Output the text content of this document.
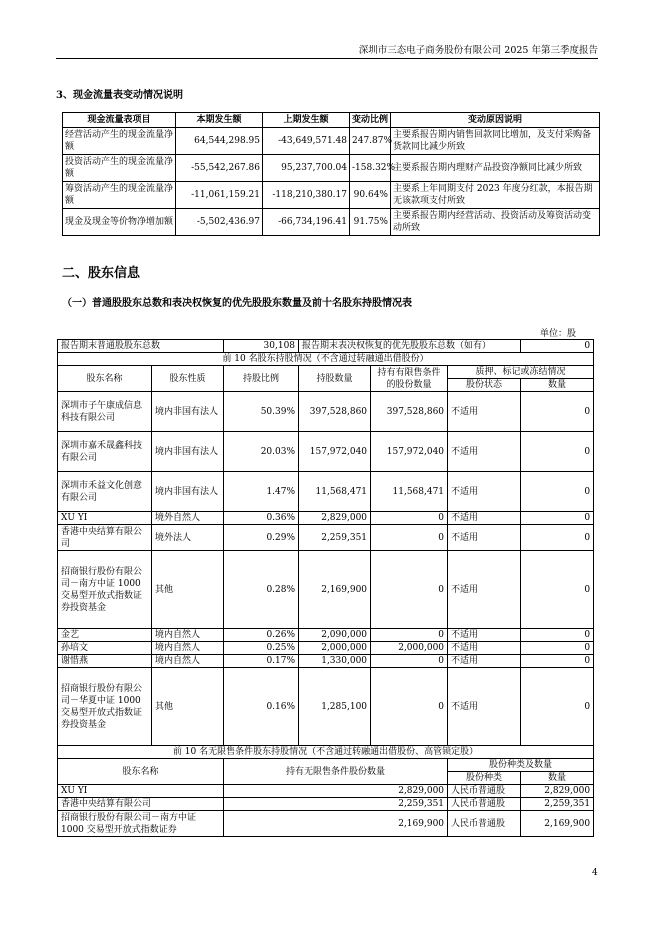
深圳市三态电子商务股份有限公司 2025 年第三季度报告
3、现金流量表变动情况说明
现金流量表项目	本期发生额	上期发生额	变动比例	变动原因说明
经营活动产生的现金流量净额	64,544,298.95	-43,649,571.48	247.87%	主要系报告期内销售回款同比增加，及支付采购备货款同比减少所致
投资活动产生的现金流量净额	-55,542,267.86	95,237,700.04	-158.32%	主要系报告期内理财产品投资净额同比减少所致
筹资活动产生的现金流量净额	-11,061,159.21	-118,210,380.17	90.64%	主要系上年同期支付 2023 年度分红款，本报告期无该款项支付所致
现金及现金等价物净增加额	-5,502,436.97	-66,734,196.41	91.75%	主要系报告期内经营活动、投资活动及筹资活动变动所致
二、股东信息
（一）普通股股东总数和表决权恢复的优先股股东数量及前十名股东持股情况表
单位：股
报告期末普通股股东总数		30,108	报告期末表决权恢复的优先股股东总数（如有）			0
前 10 名股东持股情况（不含通过转融通出借股份）						
股东名称	股东性质	持股比例	持股数量	持有有限售条件的股份数量	质押、标记或冻结情况	
					股份状态	数量
深圳市子午康成信息科技有限公司	境内非国有法人	50.39%	397,528,860	397,528,860	不适用	0
深圳市嘉禾晟鑫科技有限公司	境内非国有法人	20.03%	157,972,040	157,972,040	不适用	0
深圳市禾益文化创意有限公司	境内非国有法人	1.47%	11,568,471	11,568,471	不适用	0
XU YI	境外自然人	0.36%	2,829,000	0	不适用	0
香港中央结算有限公司	境外法人	0.29%	2,259,351	0	不适用	0
招商银行股份有限公司－南方中证 1000 交易型开放式指数证券投资基金	其他	0.28%	2,169,900	0	不适用	0
金艺	境内自然人	0.26%	2,090,000	0	不适用	0
孙培文	境内自然人	0.25%	2,000,000	2,000,000	不适用	0
谢惜燕	境内自然人	0.17%	1,330,000	0	不适用	0
招商银行股份有限公司－华夏中证 1000 交易型开放式指数证券投资基金	其他	0.16%	1,285,100	0	不适用	0
前 10 名无限售条件股东持股情况（不含通过转融通出借股份、高管锁定股）						
股东名称		持有无限售条件股份数量			股份种类及数量	
					股份种类	数量
XU YI		2,829,000			人民币普通股	2,829,000
香港中央结算有限公司		2,259,351			人民币普通股	2,259,351
招商银行股份有限公司－南方中证 1000 交易型开放式指数证券		2,169,900			人民币普通股	2,169,900
4
